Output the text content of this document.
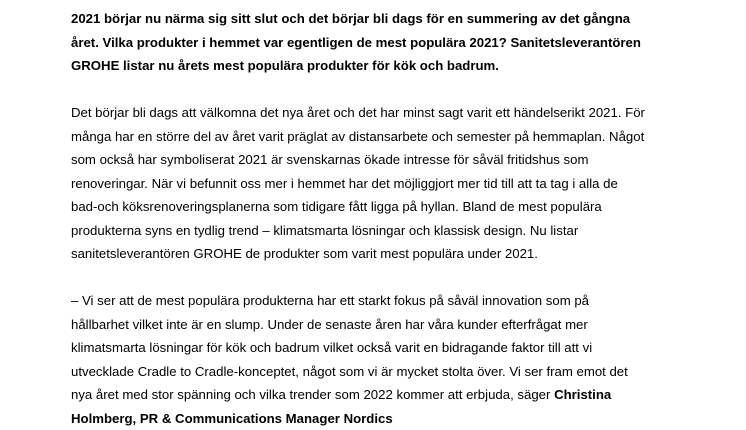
2021 börjar nu närma sig sitt slut och det börjar bli dags för en summering av det gångna
året. Vilka produkter i hemmet var egentligen de mest populära 2021? Sanitetsleverantören
GROHE listar nu årets mest populära produkter för kök och badrum.

Det börjar bli dags att välkomna det nya året och det har minst sagt varit ett händelserikt 2021. För
många har en större del av året varit präglat av distansarbete och semester på hemmaplan. Något
som också har symboliserat 2021 är svenskarnas ökade intresse för såväl fritidshus som
renoveringar. När vi befunnit oss mer i hemmet har det möjliggjort mer tid till att ta tag i alla de
bad-och köksrenoveringsplanerna som tidigare fått ligga på hyllan. Bland de mest populära
produkterna syns en tydlig trend – klimatsmarta lösningar och klassisk design. Nu listar
sanitetsleverantören GROHE de produkter som varit mest populära under 2021.

– Vi ser att de mest populära produkterna har ett starkt fokus på såväl innovation som på
hållbarhet vilket inte är en slump. Under de senaste åren har våra kunder efterfrågat mer
klimatsmarta lösningar för kök och badrum vilket också varit en bidragande faktor till att vi
utvecklade Cradle to Cradle-konceptet, något som vi är mycket stolta över. Vi ser fram emot det
nya året med stor spänning och vilka trender som 2022 kommer att erbjuda, säger Christina
Holmberg, PR & Communications Manager Nordics
